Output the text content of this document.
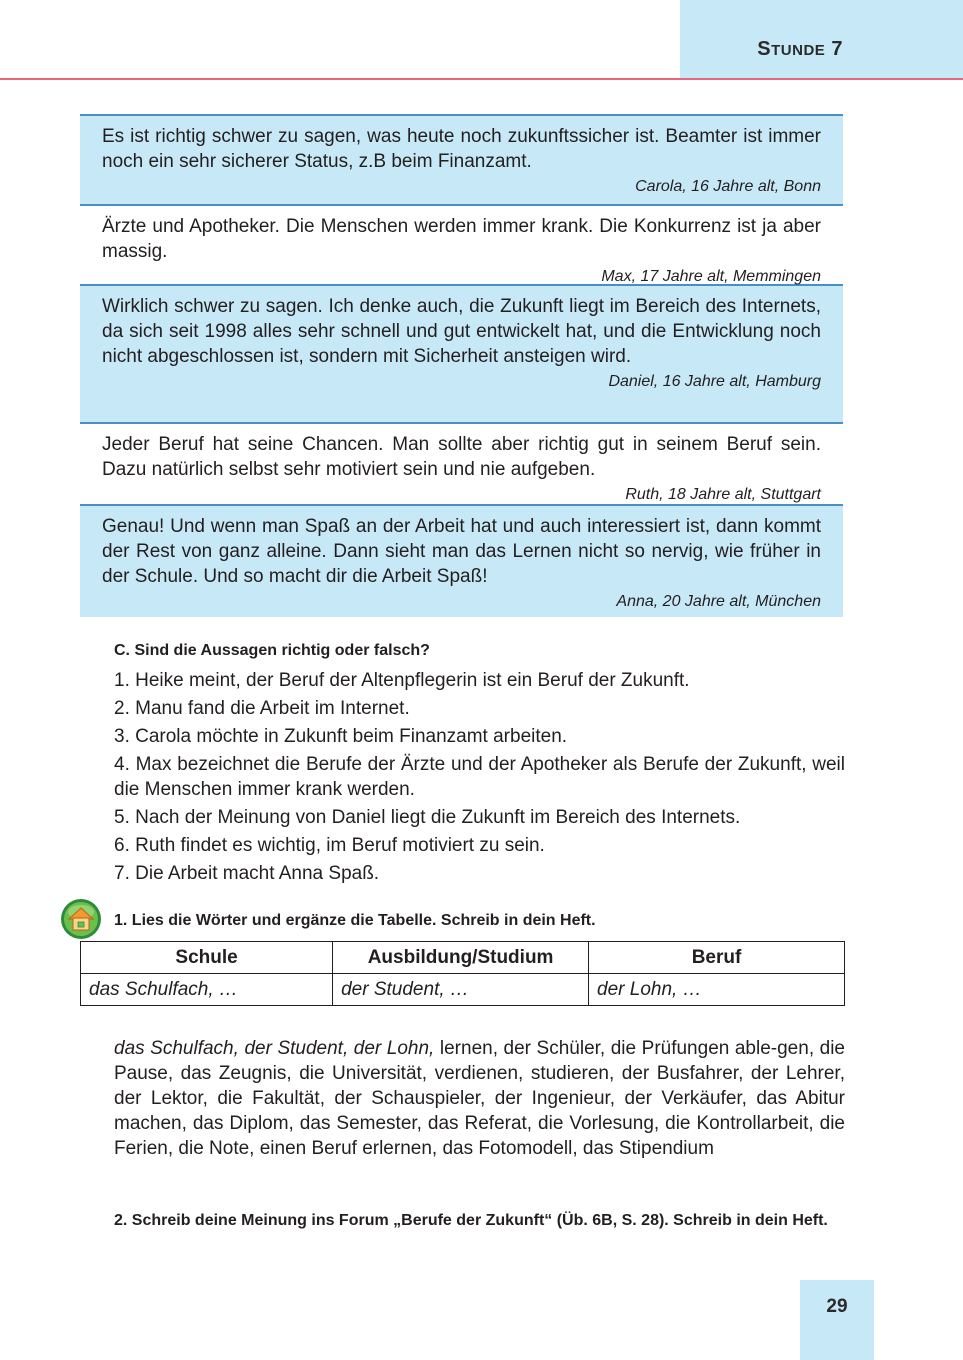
STUNDE 7
Es ist richtig schwer zu sagen, was heute noch zukunftssicher ist. Beamter ist immer noch ein sehr sicherer Status, z.B beim Finanzamt.
Carola, 16 Jahre alt, Bonn
Ärzte und Apotheker. Die Menschen werden immer krank. Die Konkurrenz ist ja aber massig.
Max, 17 Jahre alt, Memmingen
Wirklich schwer zu sagen. Ich denke auch, die Zukunft liegt im Bereich des Internets, da sich seit 1998 alles sehr schnell und gut entwickelt hat, und die Entwicklung noch nicht abgeschlossen ist, sondern mit Sicherheit ansteigen wird.
Daniel, 16 Jahre alt, Hamburg
Jeder Beruf hat seine Chancen. Man sollte aber richtig gut in seinem Beruf sein. Dazu natürlich selbst sehr motiviert sein und nie aufgeben.
Ruth, 18 Jahre alt, Stuttgart
Genau! Und wenn man Spaß an der Arbeit hat und auch interessiert ist, dann kommt der Rest von ganz alleine. Dann sieht man das Lernen nicht so nervig, wie früher in der Schule. Und so macht dir die Arbeit Spaß!
Anna, 20 Jahre alt, München
C. Sind die Aussagen richtig oder falsch?
1. Heike meint, der Beruf der Altenpflegerin ist ein Beruf der Zukunft.
2. Manu fand die Arbeit im Internet.
3. Carola möchte in Zukunft beim Finanzamt arbeiten.
4. Max bezeichnet die Berufe der Ärzte und der Apotheker als Berufe der Zukunft, weil die Menschen immer krank werden.
5. Nach der Meinung von Daniel liegt die Zukunft im Bereich des Internets.
6. Ruth findet es wichtig, im Beruf motiviert zu sein.
7. Die Arbeit macht Anna Spaß.
1. Lies die Wörter und ergänze die Tabelle. Schreib in dein Heft.
Schule	Ausbildung/Studium	Beruf
das Schulfach, …	der Student, …	der Lohn, …
das Schulfach, der Student, der Lohn, lernen, der Schüler, die Prüfungen able-gen, die Pause, das Zeugnis, die Universität, verdienen, studieren, der Busfahrer, der Lehrer, der Lektor, die Fakultät, der Schauspieler, der Ingenieur, der Verkäufer, das Abitur machen, das Diplom, das Semester, das Referat, die Vorlesung, die Kontrollarbeit, die Ferien, die Note, einen Beruf erlernen, das Fotomodell, das Stipendium
2. Schreib deine Meinung ins Forum „Berufe der Zukunft“ (Üb. 6B, S. 28). Schreib in dein Heft.
29
